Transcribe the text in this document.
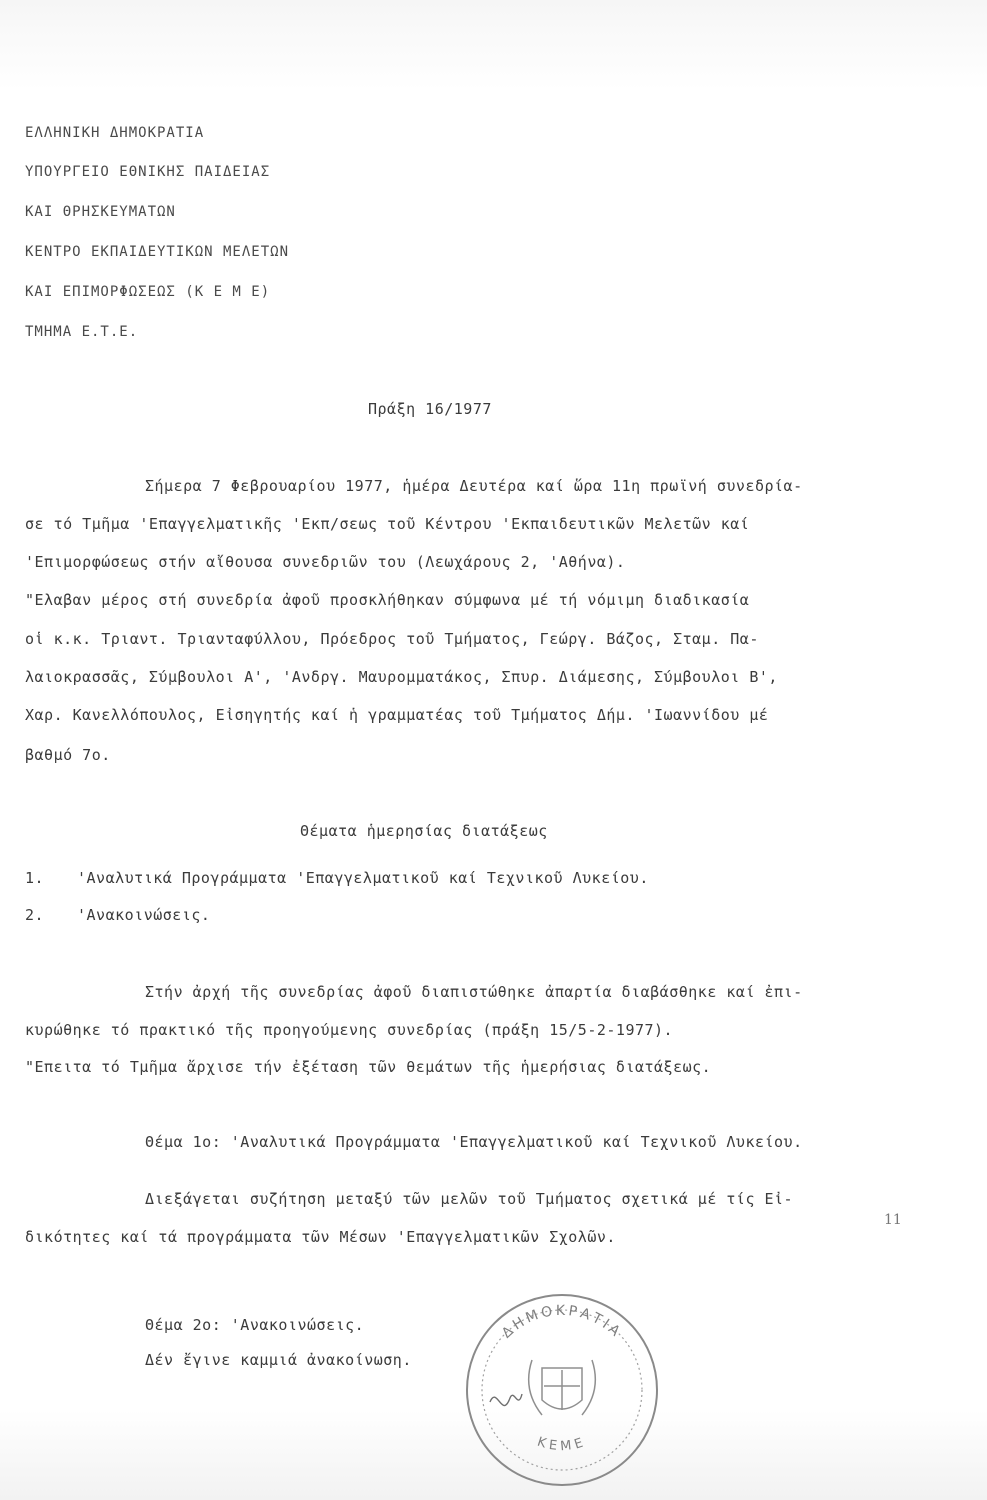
ΕΛΛΗΝΙΚΗ ΔΗΜΟΚΡΑΤΙΑ
ΥΠΟΥΡΓΕΙΟ ΕΘΝΙΚΗΣ ΠΑΙΔΕΙΑΣ
ΚΑΙ ΘΡΗΣΚΕΥΜΑΤΩΝ
ΚΕΝΤΡΟ ΕΚΠΑΙΔΕΥΤΙΚΩΝ ΜΕΛΕΤΩΝ
ΚΑΙ ΕΠΙΜΟΡΦΩΣΕΩΣ (Κ Ε Μ Ε)
ΤΜΗΜΑ Ε.Τ.Ε.
Πράξη 16/1977
Σήμερα 7 Φεβρουαρίου 1977, ἡμέρα Δευτέρα καί ὥρα 11η πρωϊνή συνεδρία-
σε τό Τμῆμα 'Επαγγελματικῆς 'Εκπ/σεως τοῦ Κέντρου 'Εκπαιδευτικῶν Μελετῶν καί
'Επιμορφώσεως στήν αἴθουσα συνεδριῶν του (Λεωχάρους 2, 'Αθήνα).
"Ελαβαν μέρος στή συνεδρία ἀφοῦ προσκλήθηκαν σύμφωνα μέ τή νόμιμη διαδικασία
οἱ κ.κ. Τριαντ. Τριανταφύλλου, Πρόεδρος τοῦ Τμήματος, Γεώργ. Βάζος, Σταμ. Πα-
λαιοκρασσᾶς, Σύμβουλοι Α', 'Ανδργ. Μαυρομματάκος, Σπυρ. Διάμεσης, Σύμβουλοι Β',
Χαρ. Κανελλόπουλος, Εἰσηγητής καί ἡ γραμματέας τοῦ Τμήματος Δήμ. 'Ιωαννίδου μέ
βαθμό 7ο.
Θέματα ἡμερησίας διατάξεως
1. 'Αναλυτικά Προγράμματα 'Επαγγελματικοῦ καί Τεχνικοῦ Λυκείου.
2. 'Ανακοινώσεις.
Στήν ἀρχή τῆς συνεδρίας ἀφοῦ διαπιστώθηκε ἀπαρτία διαβάσθηκε καί ἐπι-
κυρώθηκε τό πρακτικό τῆς προηγούμενης συνεδρίας (πράξη 15/5-2-1977).
"Επειτα τό Τμῆμα ἄρχισε τήν ἐξέταση τῶν θεμάτων τῆς ἡμερήσιας διατάξεως.
Θέμα 1ο: 'Αναλυτικά Προγράμματα 'Επαγγελματικοῦ καί Τεχνικοῦ Λυκείου.
Διεξάγεται συζήτηση μεταξύ τῶν μελῶν τοῦ Τμήματος σχετικά μέ τίς Εἰ-
δικότητες καί τά προγράμματα τῶν Μέσων 'Επαγγελματικῶν Σχολῶν.
Θέμα 2ο: 'Ανακοινώσεις.
Δέν ἔγινε καμμιά ἀνακοίνωση.
11
ΔΗΜΟΚΡΑΤΙΑ
ΚΕΜΕ
